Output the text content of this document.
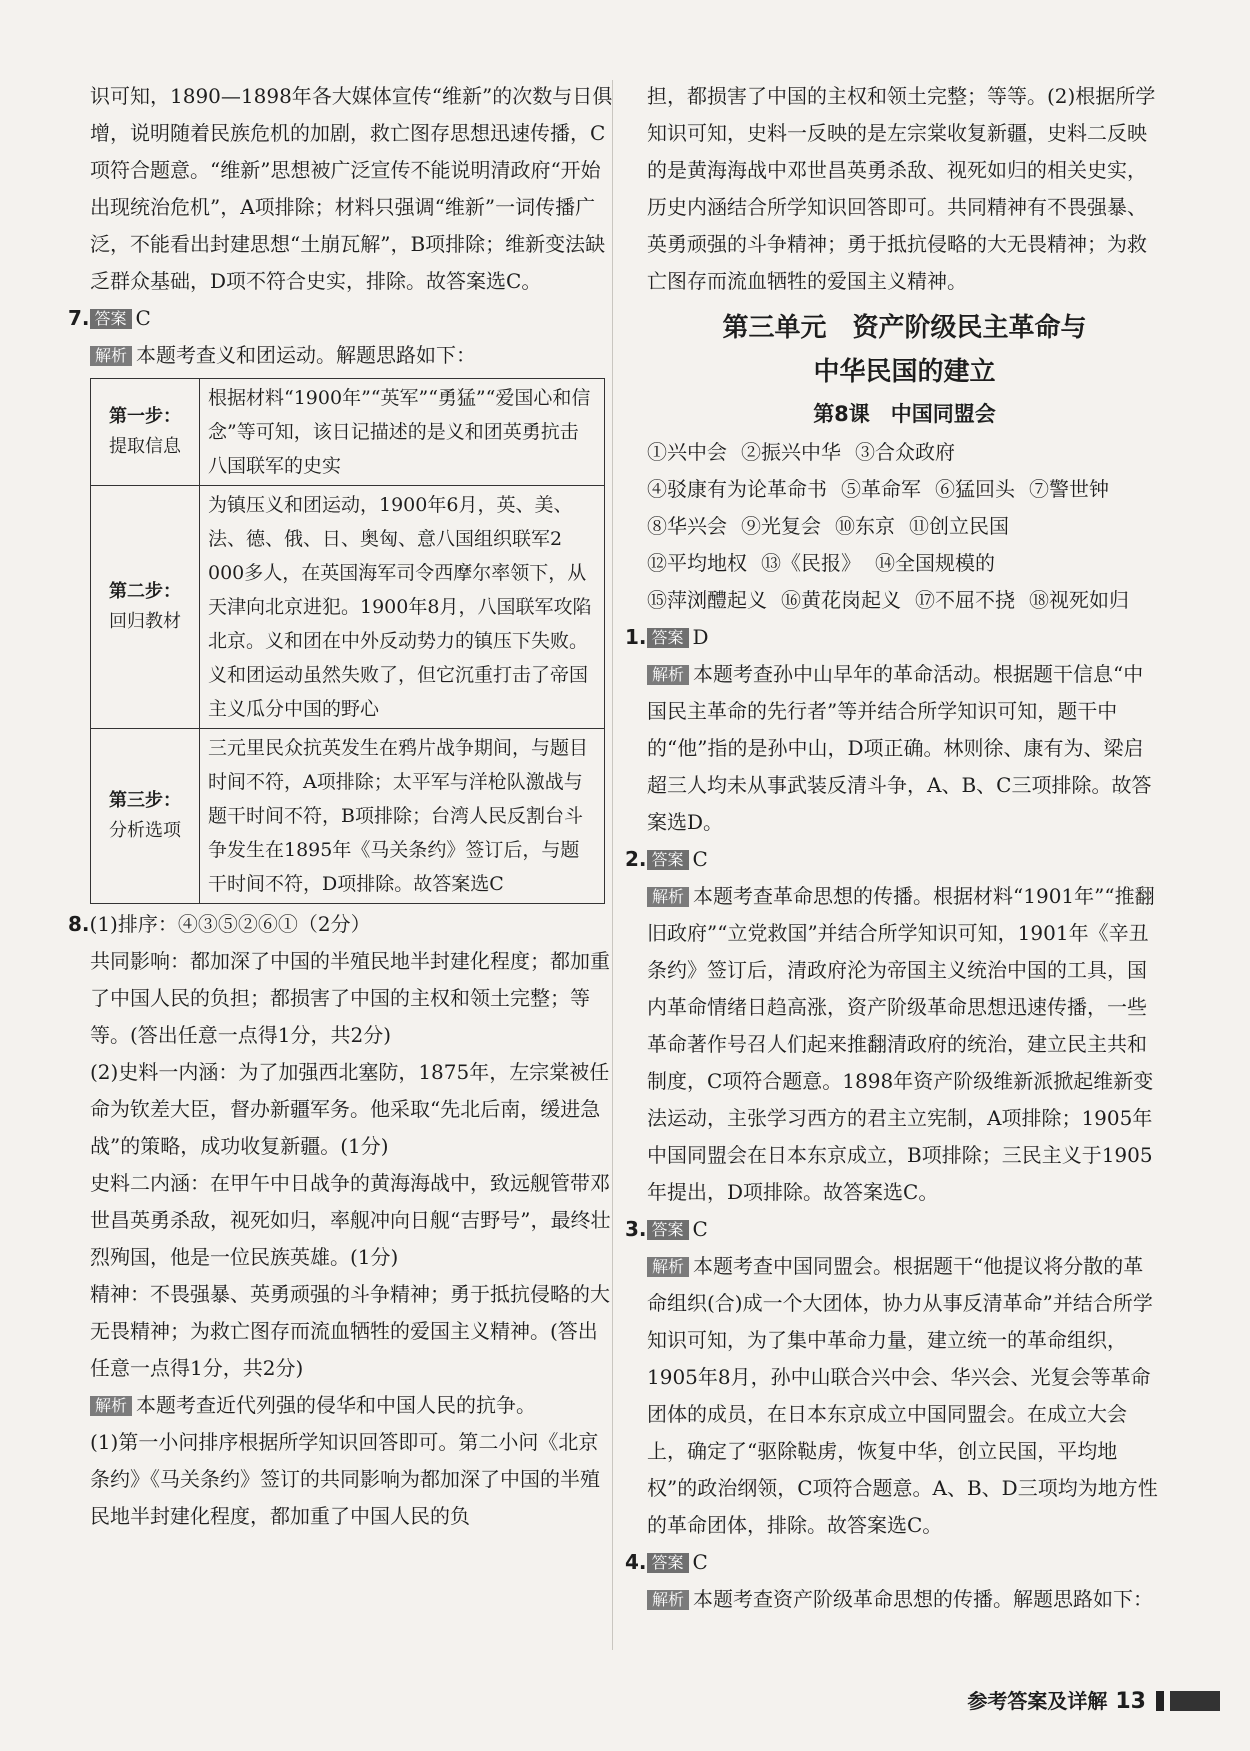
识可知，1890—1898年各大媒体宣传“维新”的次数与日俱增，说明随着民族危机的加剧，救亡图存思想迅速传播，C项符合题意。“维新”思想被广泛宣传不能说明清政府“开始出现统治危机”，A项排除；材料只强调“维新”一词传播广泛，不能看出封建思想“土崩瓦解”，B项排除；维新变法缺乏群众基础，D项不符合史实，排除。故答案选C。

7. 答案 C

解析 本题考查义和团运动。解题思路如下：

第一步：
提取信息	根据材料“1900年”“英军”“勇猛”“爱国心和信念”等可知，该日记描述的是义和团英勇抗击八国联军的史实
第二步：
回归教材	为镇压义和团运动，1900年6月，英、美、法、德、俄、日、奥匈、意八国组织联军2 000多人，在英国海军司令西摩尔率领下，从天津向北京进犯。1900年8月，八国联军攻陷北京。义和团在中外反动势力的镇压下失败。义和团运动虽然失败了，但它沉重打击了帝国主义瓜分中国的野心
第三步：
分析选项	三元里民众抗英发生在鸦片战争期间，与题目时间不符，A项排除；太平军与洋枪队激战与题干时间不符，B项排除；台湾人民反割台斗争发生在1895年《马关条约》签订后，与题干时间不符，D项排除。故答案选C

8.(1)排序：④③⑤②⑥①（2分）

共同影响：都加深了中国的半殖民地半封建化程度；都加重了中国人民的负担；都损害了中国的主权和领土完整；等等。(答出任意一点得1分，共2分)

(2)史料一内涵：为了加强西北塞防，1875年，左宗棠被任命为钦差大臣，督办新疆军务。他采取“先北后南，缓进急战”的策略，成功收复新疆。(1分)

史料二内涵：在甲午中日战争的黄海海战中，致远舰管带邓世昌英勇杀敌，视死如归，率舰冲向日舰“吉野号”，最终壮烈殉国，他是一位民族英雄。(1分)

精神：不畏强暴、英勇顽强的斗争精神；勇于抵抗侵略的大无畏精神；为救亡图存而流血牺牲的爱国主义精神。(答出任意一点得1分，共2分)

解析 本题考查近代列强的侵华和中国人民的抗争。

(1)第一小问排序根据所学知识回答即可。第二小问《北京条约》《马关条约》签订的共同影响为都加深了中国的半殖民地半封建化程度，都加重了中国人民的负

担，都损害了中国的主权和领土完整；等等。(2)根据所学知识可知，史料一反映的是左宗棠收复新疆，史料二反映的是黄海海战中邓世昌英勇杀敌、视死如归的相关史实，历史内涵结合所学知识回答即可。共同精神有不畏强暴、英勇顽强的斗争精神；勇于抵抗侵略的大无畏精神；为救亡图存而流血牺牲的爱国主义精神。

第三单元　资产阶级民主革命与
中华民国的建立
第8课　中国同盟会
①兴中会 ②振兴中华 ③合众政府
④驳康有为论革命书 ⑤革命军 ⑥猛回头 ⑦警世钟
⑧华兴会 ⑨光复会 ⑩东京 ⑪创立民国
⑫平均地权 ⑬《民报》 ⑭全国规模的
⑮萍浏醴起义 ⑯黄花岗起义 ⑰不屈不挠 ⑱视死如归

1. 答案 D

解析 本题考查孙中山早年的革命活动。根据题干信息“中国民主革命的先行者”等并结合所学知识可知，题干中的“他”指的是孙中山，D项正确。林则徐、康有为、梁启超三人均未从事武装反清斗争，A、B、C三项排除。故答案选D。

2. 答案 C

解析 本题考查革命思想的传播。根据材料“1901年”“推翻旧政府”“立党救国”并结合所学知识可知，1901年《辛丑条约》签订后，清政府沦为帝国主义统治中国的工具，国内革命情绪日趋高涨，资产阶级革命思想迅速传播，一些革命著作号召人们起来推翻清政府的统治，建立民主共和制度，C项符合题意。1898年资产阶级维新派掀起维新变法运动，主张学习西方的君主立宪制，A项排除；1905年中国同盟会在日本东京成立，B项排除；三民主义于1905年提出，D项排除。故答案选C。

3. 答案 C

解析 本题考查中国同盟会。根据题干“他提议将分散的革命组织(合)成一个大团体，协力从事反清革命”并结合所学知识可知，为了集中革命力量，建立统一的革命组织，1905年8月，孙中山联合兴中会、华兴会、光复会等革命团体的成员，在日本东京成立中国同盟会。在成立大会上，确定了“驱除鞑虏，恢复中华，创立民国，平均地权”的政治纲领，C项符合题意。A、B、D三项均为地方性的革命团体，排除。故答案选C。

4. 答案 C

解析 本题考查资产阶级革命思想的传播。解题思路如下：

参考答案及详解 13
